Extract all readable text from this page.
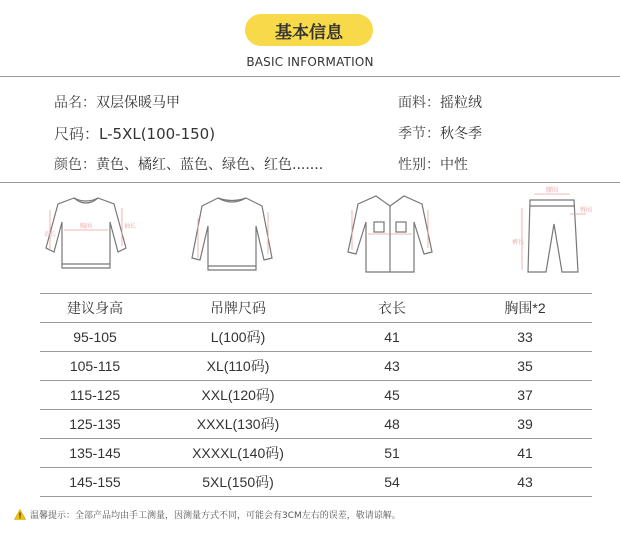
基本信息
BASIC INFORMATION
品名：双层保暖马甲
尺码：L-5XL(100-150)
颜色：黄色、橘红、蓝色、绿色、红色.......
面料：摇粒绒
季节：秋冬季
性别：中性
胸围
衣长
袖长
腰围
臀围
裤长
建议身高	吊牌尺码	衣长	胸围*2
95-105	L(100码)	41	33
105-115	XL(110码)	43	35
115-125	XXL(120码)	45	37
125-135	XXXL(130码)	48	39
135-145	XXXXL(140码)	51	41
145-155	5XL(150码)	54	43
温馨提示：全部产品均由手工测量，因测量方式不同，可能会有3CM左右的误差，敬请谅解。
